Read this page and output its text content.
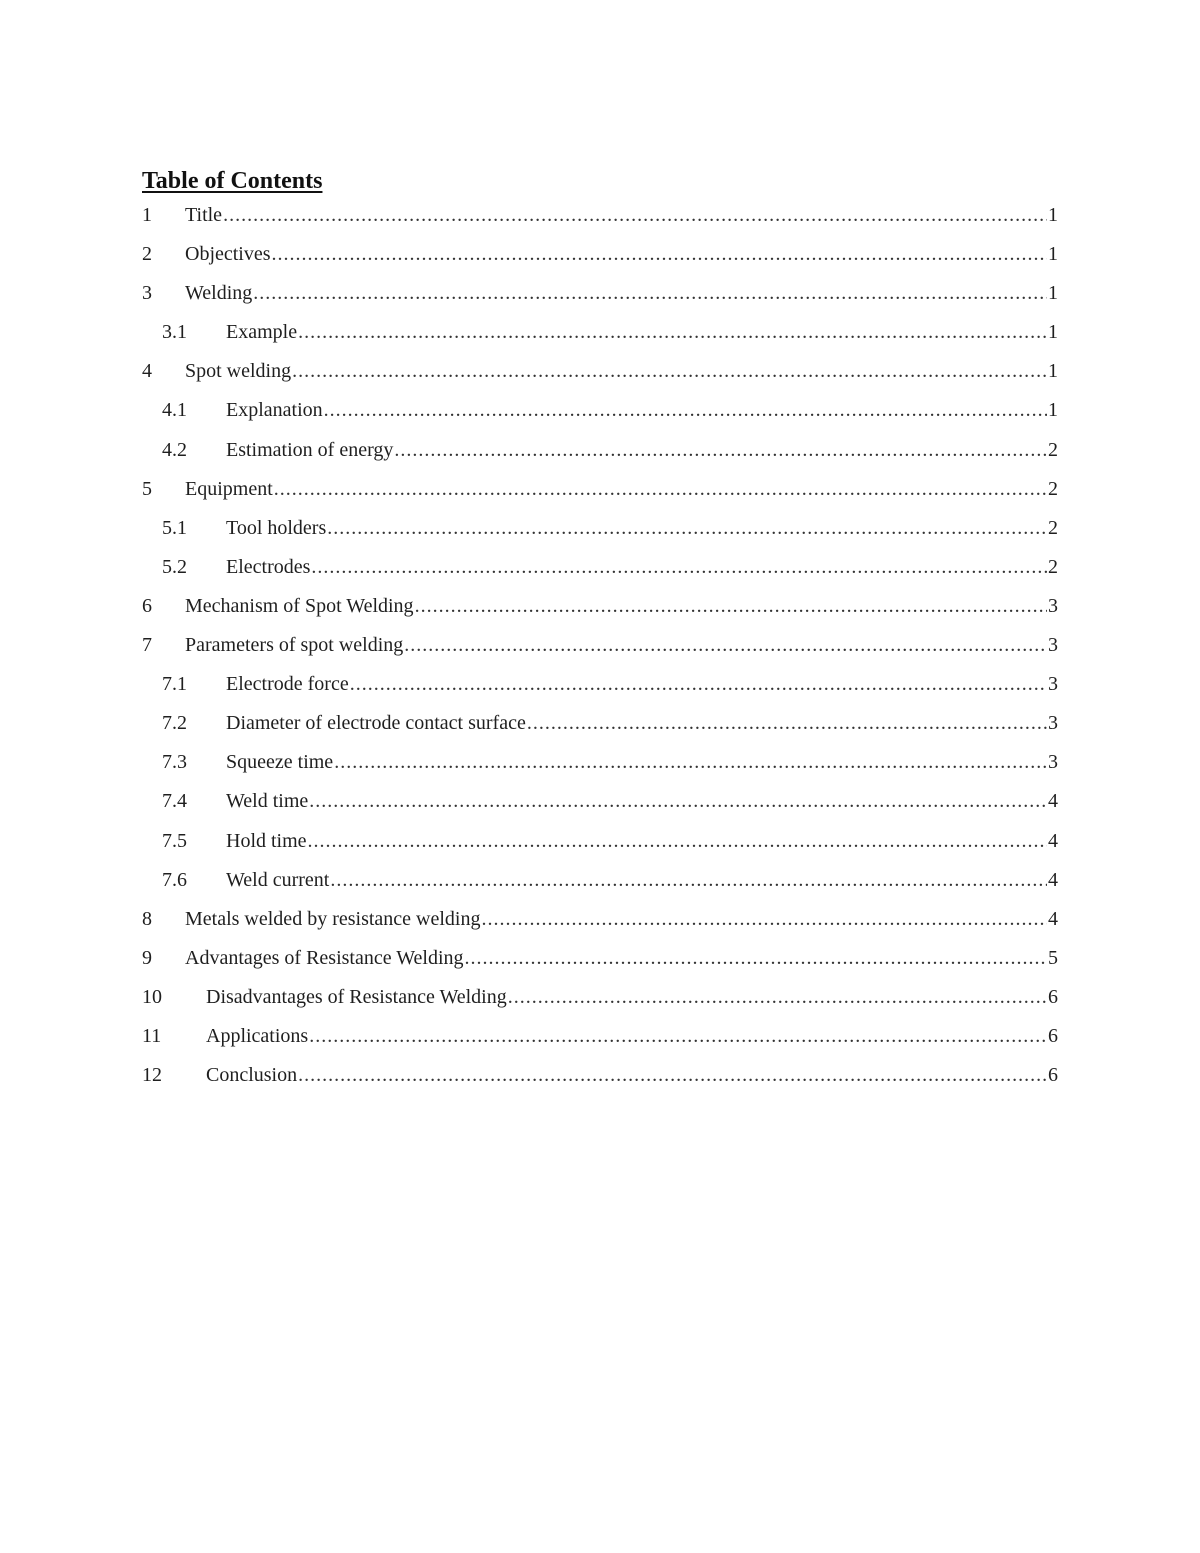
Table of Contents
1	Title .....	1
2	Objectives .....	1
3	Welding .....	1
3.1	Example .....	1
4	Spot welding .....	1
4.1	Explanation .....	1
4.2	Estimation of energy .....	2
5	Equipment .....	2
5.1	Tool holders .....	2
5.2	Electrodes .....	2
6	Mechanism of Spot Welding .....	3
7	Parameters of spot welding .....	3
7.1	Electrode force .....	3
7.2	Diameter of electrode contact surface .....	3
7.3	Squeeze time .....	3
7.4	Weld time .....	4
7.5	Hold time .....	4
7.6	Weld current .....	4
8	Metals welded by resistance welding .....	4
9	Advantages of Resistance Welding .....	5
10	Disadvantages of Resistance Welding .....	6
11	Applications .....	6
12	Conclusion .....	6
